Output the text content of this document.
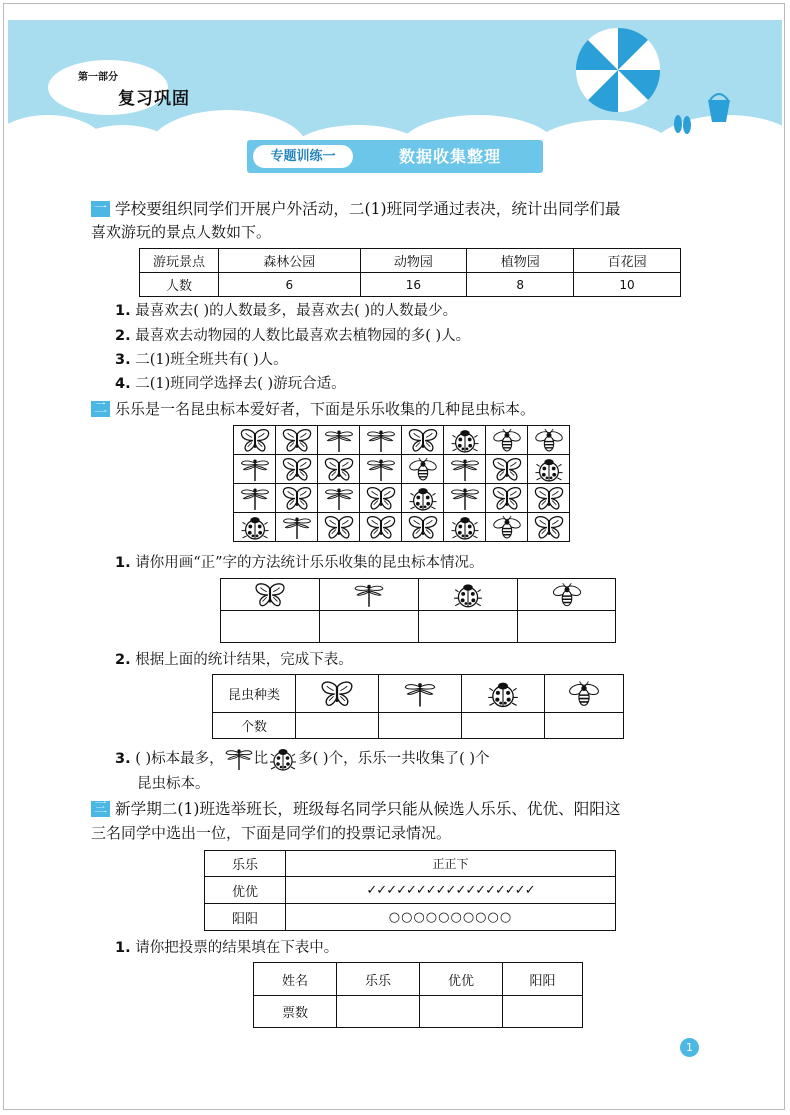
第一部分
复习巩固
专题训练一	数据收集整理
一 学校要组织同学们开展户外活动，二(1)班同学通过表决，统计出同学们最
喜欢游玩的景点人数如下。
游玩景点	森林公园	动物园	植物园	百花园
人数	6	16	8	10
1. 最喜欢去( )的人数最多，最喜欢去( )的人数最少。
2. 最喜欢去动物园的人数比最喜欢去植物园的多( )人。
3. 二(1)班全班共有( )人。
4. 二(1)班同学选择去( )游玩合适。
二 乐乐是一名昆虫标本爱好者，下面是乐乐收集的几种昆虫标本。

1. 请你用画“正”字的方法统计乐乐收集的昆虫标本情况。

2. 根据上面的统计结果，完成下表。
昆虫种类				
个数				
3. ( )标本最多， 比 多( )个，乐乐一共收集了( )个
昆虫标本。
三 新学期二(1)班选举班长，班级每名同学只能从候选人乐乐、优优、阳阳这
三名同学中选出一位，下面是同学们的投票记录情况。
乐乐	正正下
优优	✓✓✓✓✓✓✓✓✓✓✓✓✓✓✓✓✓
阳阳	○○○○○○○○○○
1. 请你把投票的结果填在下表中。
姓名	乐乐	优优	阳阳
票数			
1
